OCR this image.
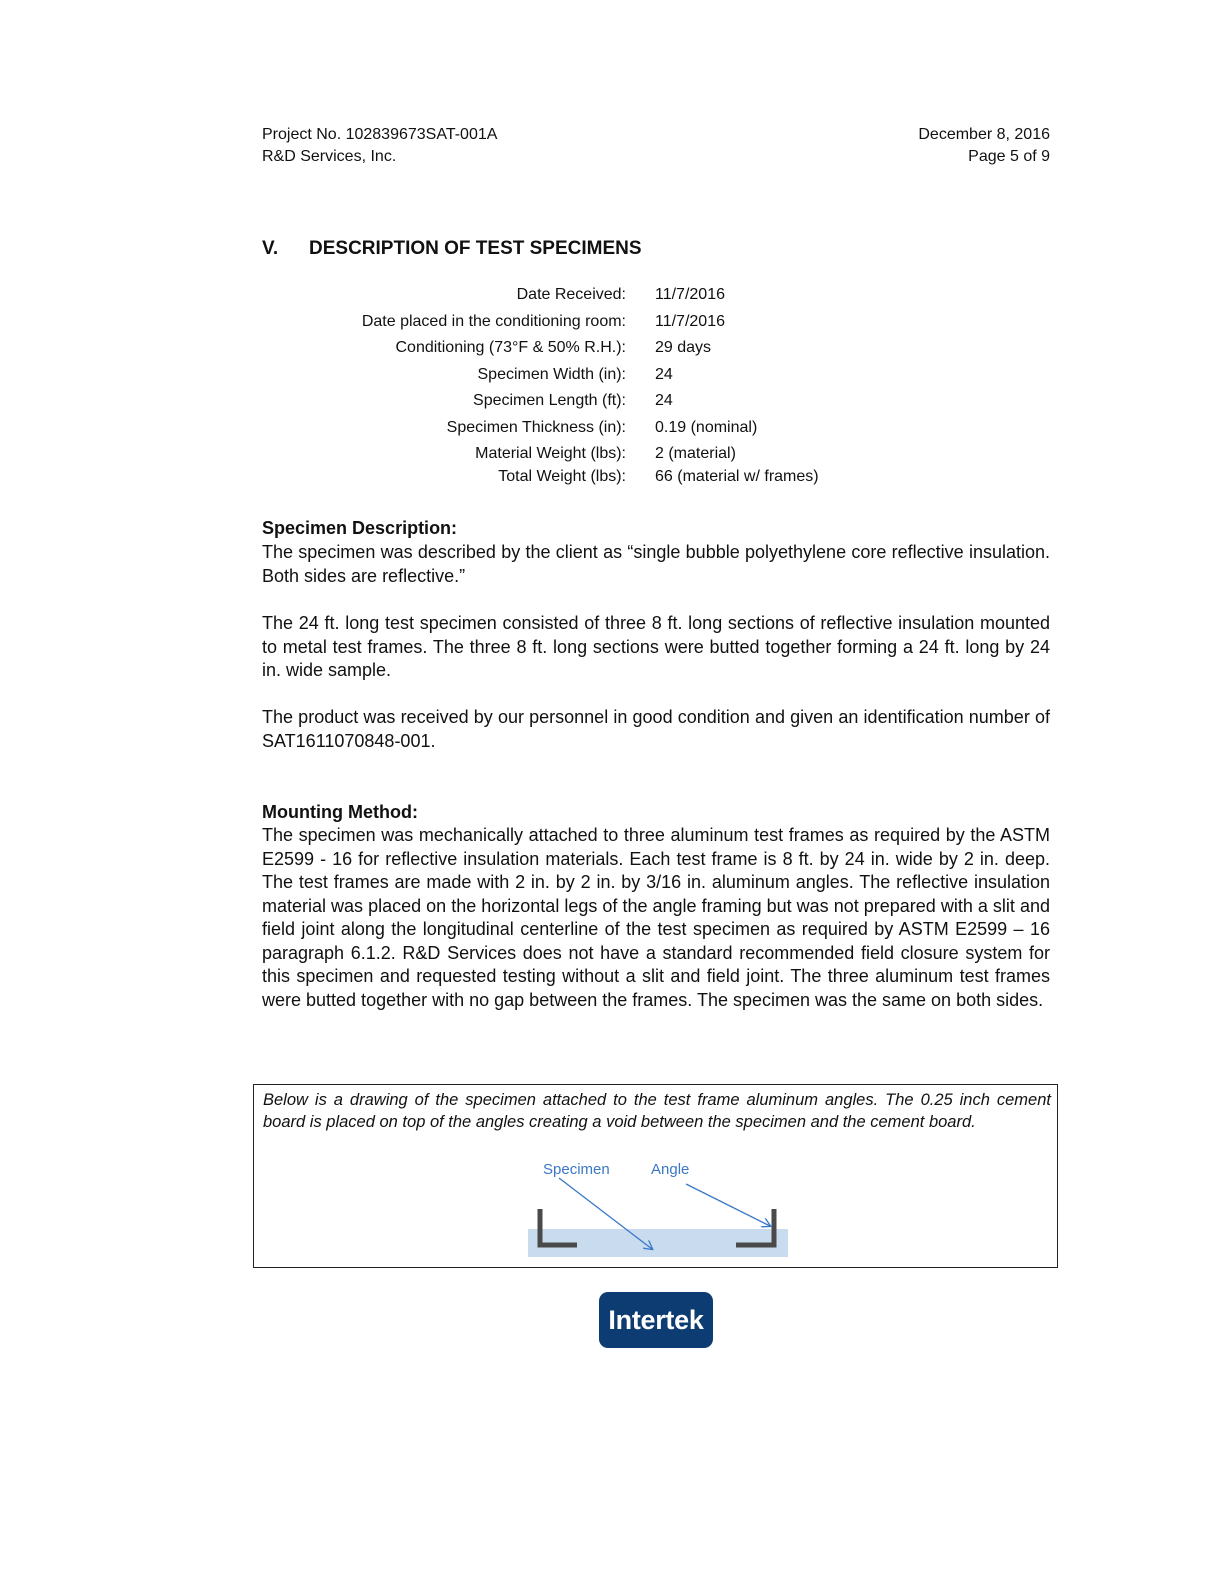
Project No. 102839673SAT-001A
R&D Services, Inc.
December 8, 2016
Page 5 of 9
V. DESCRIPTION OF TEST SPECIMENS
Date Received: 11/7/2016
Date placed in the conditioning room: 11/7/2016
Conditioning (73°F & 50% R.H.): 29 days
Specimen Width (in): 24
Specimen Length (ft): 24
Specimen Thickness (in): 0.19 (nominal)
Material Weight (lbs): 2 (material)
Total Weight (lbs): 66 (material w/ frames)
Specimen Description:

The specimen was described by the client as “single bubble polyethylene core reflective insulation. Both sides are reflective.”

The 24 ft. long test specimen consisted of three 8 ft. long sections of reflective insulation mounted to metal test frames. The three 8 ft. long sections were butted together forming a 24 ft. long by 24 in. wide sample.

The product was received by our personnel in good condition and given an identification number of SAT1611070848-001.

Mounting Method:

The specimen was mechanically attached to three aluminum test frames as required by the ASTM E2599 - 16 for reflective insulation materials. Each test frame is 8 ft. by 24 in. wide by 2 in. deep. The test frames are made with 2 in. by 2 in. by 3/16 in. aluminum angles. The reflective insulation material was placed on the horizontal legs of the angle framing but was not prepared with a slit and field joint along the longitudinal centerline of the test specimen as required by ASTM E2599 – 16 paragraph 6.1.2. R&D Services does not have a standard recommended field closure system for this specimen and requested testing without a slit and field joint. The three aluminum test frames were butted together with no gap between the frames. The specimen was the same on both sides.

Below is a drawing of the specimen attached to the test frame aluminum angles. The 0.25 inch cement board is placed on top of the angles creating a void between the specimen and the cement board.

Specimen	Angle
Intertek
